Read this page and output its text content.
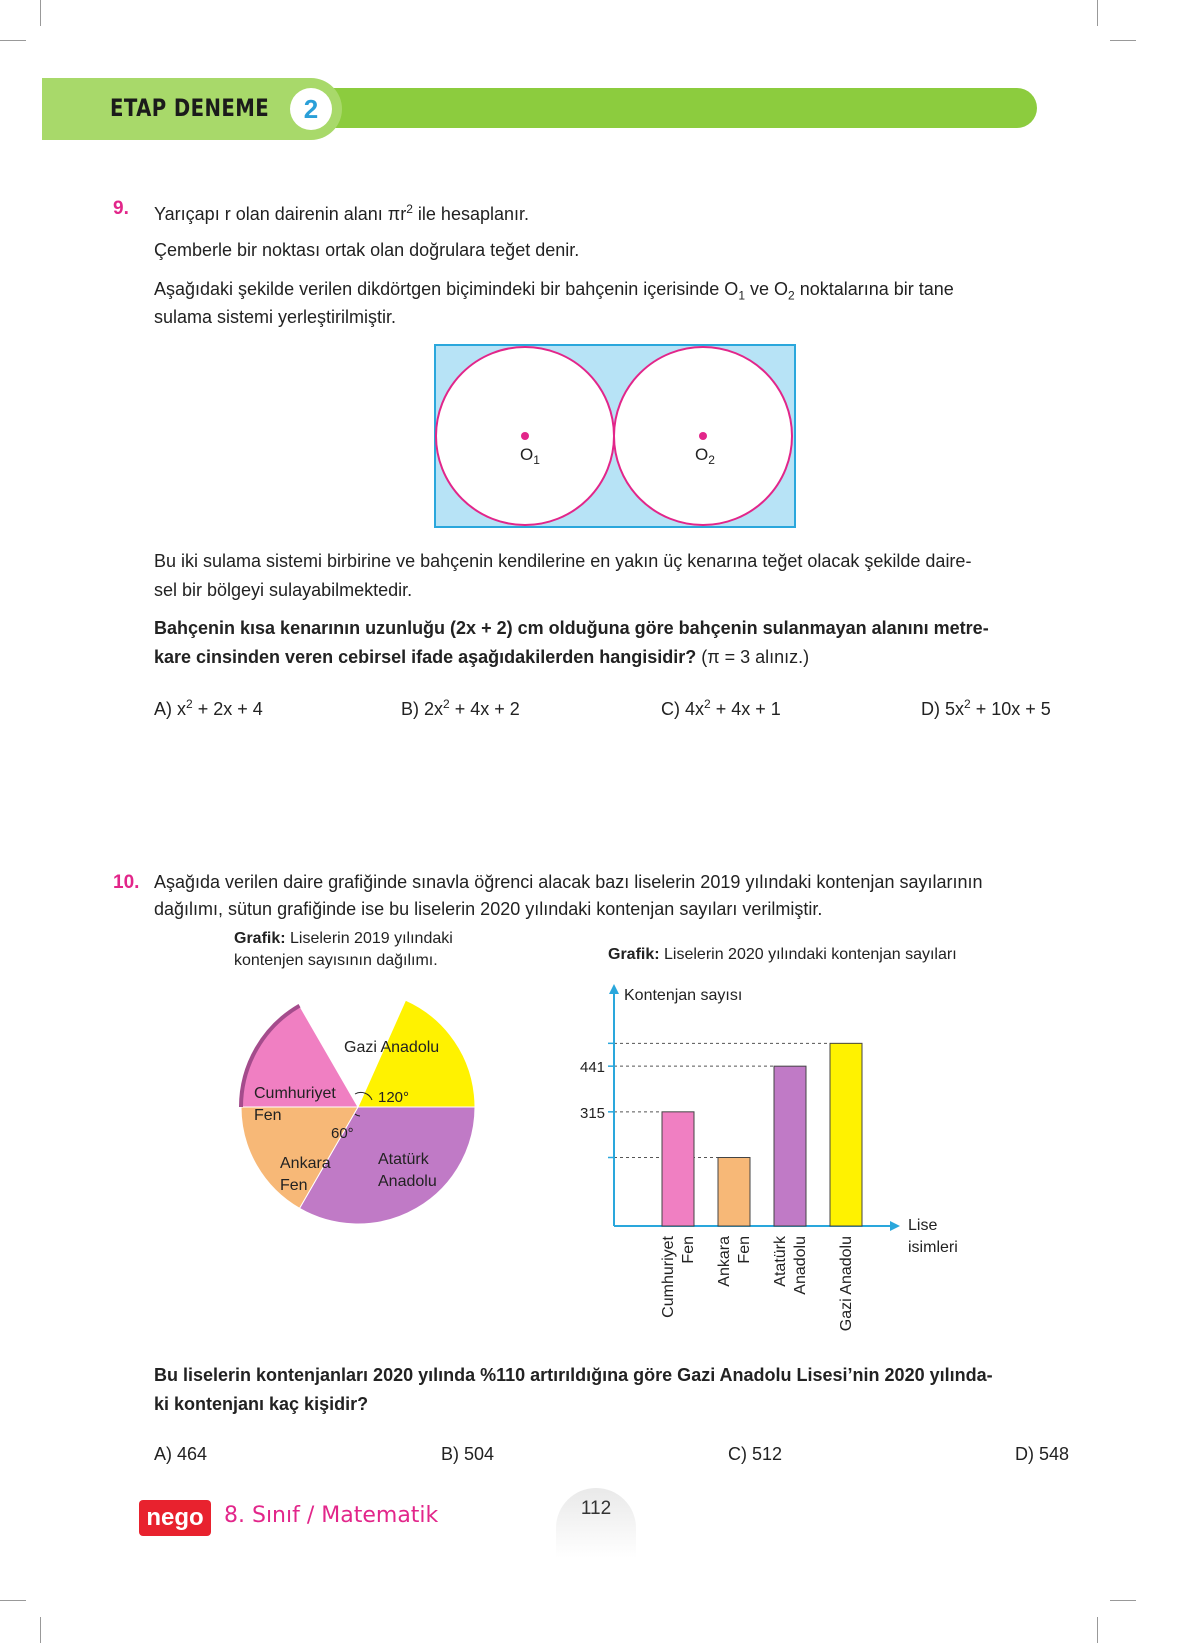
ETAP DENEME	2
9. Yarıçapı r olan dairenin alanı $\pi r^2$ ile hesaplanır.
Çemberle bir noktası ortak olan doğrulara teğet denir.
Aşağıdaki şekilde verilen dikdörtgen biçimindeki bir bahçenin içerisinde $O_1$ ve $O_2$ noktalarına bir tane
sulama sistemi yerleştirilmiştir.
$O_1$	$O_2$
Bu iki sulama sistemi birbirine ve bahçenin kendilerine en yakın üç kenarına teğet olacak şekilde daire-
sel bir bölgeyi sulayabilmektedir.
Bahçenin kısa kenarının uzunluğu (2x + 2) cm olduğuna göre bahçenin sulanmayan alanını metre-
kare cinsinden veren cebirsel ifade aşağıdakilerden hangisidir? (π = 3 alınız.)
A) $x^2 + 2x + 4$	B) $2x^2 + 4x + 2$	C) $4x^2 + 4x + 1$	D) $5x^2 + 10x + 5$
10. Aşağıda verilen daire grafiğinde sınavla öğrenci alacak bazı liselerin 2019 yılındaki kontenjan sayılarının
dağılımı, sütun grafiğinde ise bu liselerin 2020 yılındaki kontenjan sayıları verilmiştir.
Grafik: Liselerin 2019 yılındaki
kontenjen sayısının dağılımı.	Grafik: Liselerin 2020 yılındaki kontenjan sayıları
Gazi Anadolu
120°
Cumhuriyet
Fen
60°
Ankara
Fen
Atatürk
Anadolu
Kontenjan sayısı
Lise
isimleri
441
315
Cumhuriyet Fen Ankara Fen Atatürk Anadolu Gazi Anadolu
Bu liselerin kontenjanları 2020 yılında %110 artırıldığına göre Gazi Anadolu Lisesi’nin 2020 yılında-
ki kontenjanı kaç kişidir?
A) 464	B) 504	C) 512	D) 548
nego 8. Sınıf / Matematik	112
